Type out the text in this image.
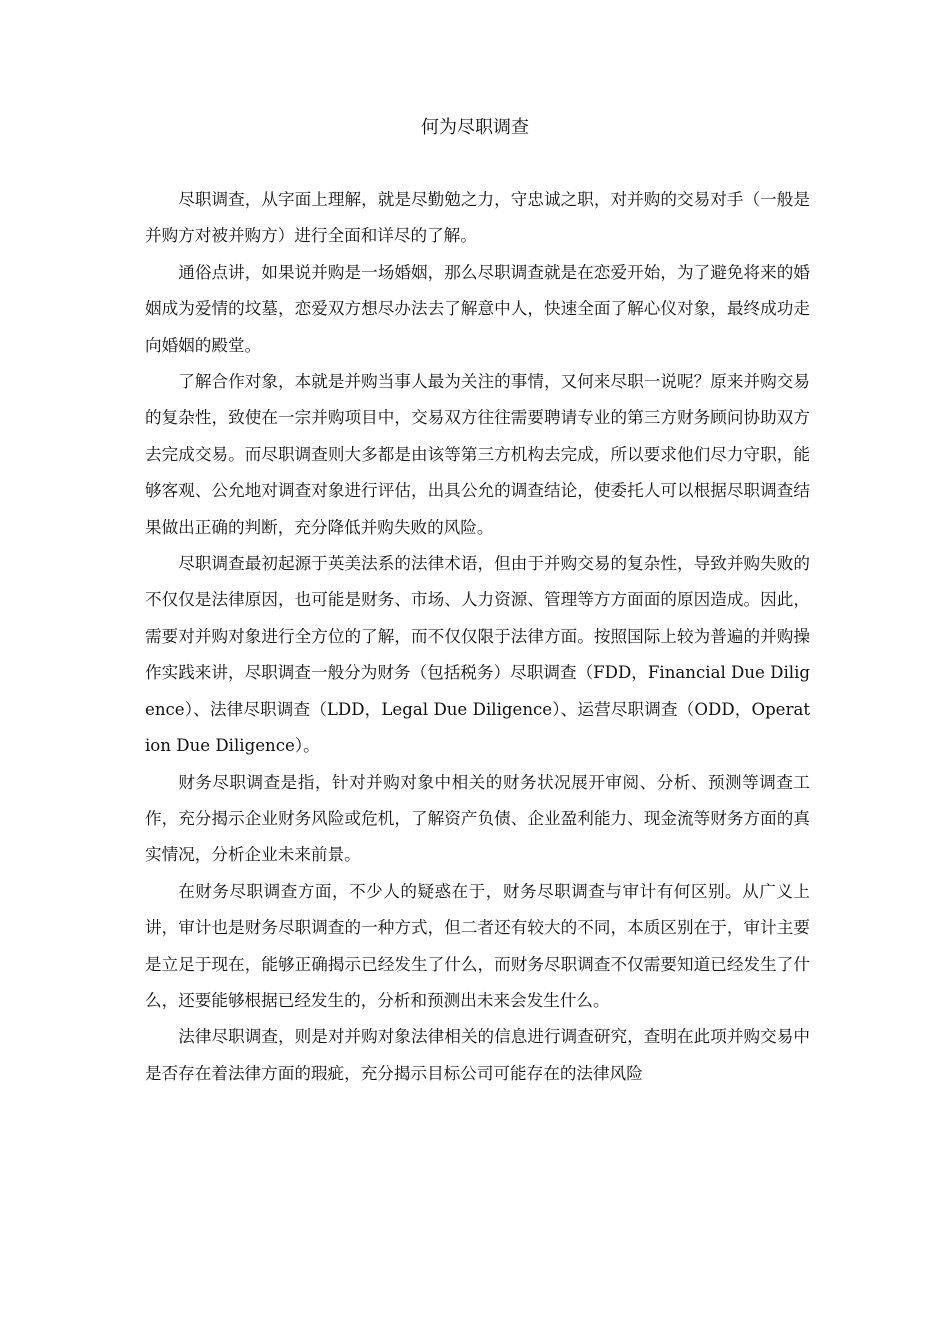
何为尽职调查

尽职调查，从字面上理解，就是尽勤勉之力，守忠诚之职，对并购的交易对手（一般是并购方对被并购方）进行全面和详尽的了解。

通俗点讲，如果说并购是一场婚姻，那么尽职调查就是在恋爱开始，为了避免将来的婚姻成为爱情的坟墓，恋爱双方想尽办法去了解意中人，快速全面了解心仪对象，最终成功走向婚姻的殿堂。

了解合作对象，本就是并购当事人最为关注的事情，又何来尽职一说呢？原来并购交易的复杂性，致使在一宗并购项目中，交易双方往往需要聘请专业的第三方财务顾问协助双方去完成交易。而尽职调查则大多都是由该等第三方机构去完成，所以要求他们尽力守职，能够客观、公允地对调查对象进行评估，出具公允的调查结论，使委托人可以根据尽职调查结果做出正确的判断，充分降低并购失败的风险。

尽职调查最初起源于英美法系的法律术语，但由于并购交易的复杂性，导致并购失败的不仅仅是法律原因，也可能是财务、市场、人力资源、管理等方方面面的原因造成。因此，需要对并购对象进行全方位的了解，而不仅仅限于法律方面。按照国际上较为普遍的并购操作实践来讲，尽职调查一般分为财务（包括税务）尽职调查（FDD，Financial Due Diligence）、法律尽职调查（LDD，Legal Due Diligence）、运营尽职调查（ODD，Operation Due Diligence）。

财务尽职调查是指，针对并购对象中相关的财务状况展开审阅、分析、预测等调查工作，充分揭示企业财务风险或危机，了解资产负债、企业盈利能力、现金流等财务方面的真实情况，分析企业未来前景。

在财务尽职调查方面，不少人的疑惑在于，财务尽职调查与审计有何区别。从广义上讲，审计也是财务尽职调查的一种方式，但二者还有较大的不同，本质区别在于，审计主要是立足于现在，能够正确揭示已经发生了什么，而财务尽职调查不仅需要知道已经发生了什么，还要能够根据已经发生的，分析和预测出未来会发生什么。

法律尽职调查，则是对并购对象法律相关的信息进行调查研究，查明在此项并购交易中是否存在着法律方面的瑕疵，充分揭示目标公司可能存在的法律风险
